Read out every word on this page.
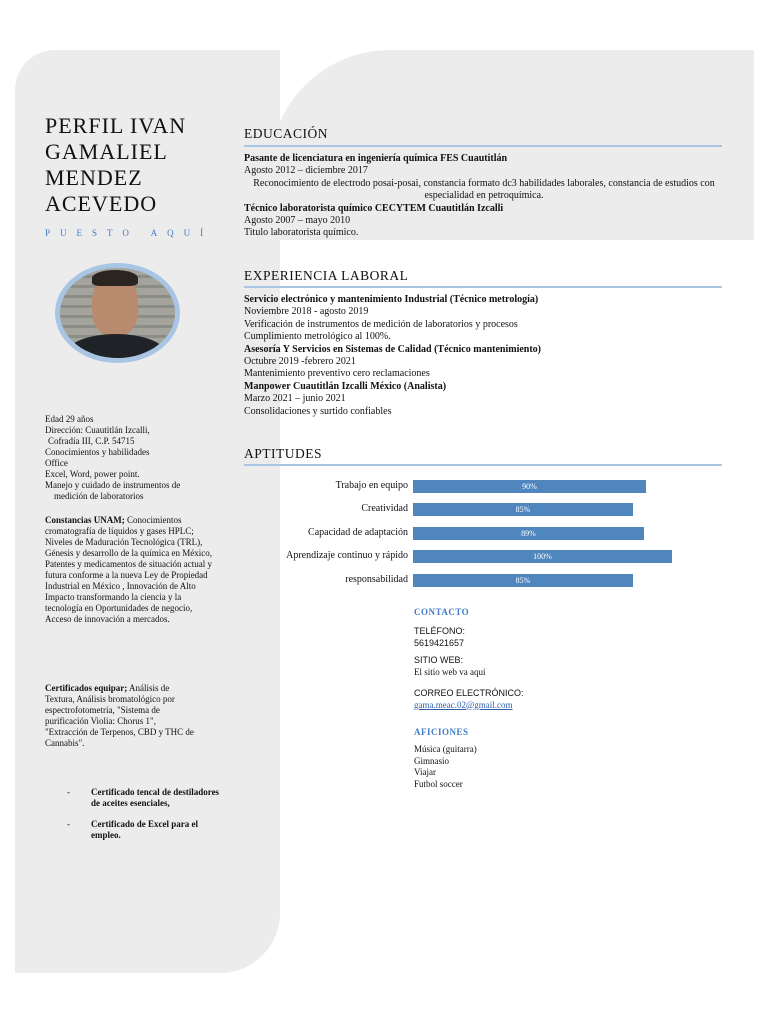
PERFIL IVAN GAMALIEL MENDEZ ACEVEDO
PUESTO AQUÍ

Edad 29 años

Dirección: Cuautitlán Izcalli,

Cofradía III, C.P. 54715

Conocimientos y habilidades

Office

Excel, Word, power point.

Manejo y cuidado de instrumentos de

medición de laboratorios

Constancias UNAM; Conocimientos cromatografía de líquidos y gases HPLC; Niveles de Maduración Tecnológica (TRL), Génesis y desarrollo de la química en México, Patentes y medicamentos de situación actual y futura conforme a la nueva Ley de Propiedad Industrial en México , Innovación de Alto Impacto transformando la ciencia y la tecnología en Oportunidades de negocio, Acceso de innovación a mercados.

Certificados equipar; Análisis de Textura, Análisis bromatológico por espectrofotometría, "Sistema de purificación Violia: Chorus 1", "Extracción de Terpenos, CBD y THC de Cannabis".

-	Certificado tencal de destiladores de aceites esenciales,
-	Certificado de Excel para el empleo.
EDUCACIÓN

Pasante de licenciatura en ingeniería química FES Cuautitlán

Agosto 2012 – diciembre 2017

Reconocimiento de electrodo posai-posai, constancia formato dc3 habilidades laborales, constancia de estudios con especialidad en petroquímica.

Técnico laboratorista químico CECYTEM Cuautitlán Izcalli

Agosto 2007 – mayo 2010

Titulo laboratorista químico.

EXPERIENCIA LABORAL

Servicio electrónico y mantenimiento Industrial (Técnico metrología)

Noviembre 2018 - agosto 2019

Verificación de instrumentos de medición de laboratorios y procesos

Cumplimiento metrológico al 100%.

Asesoría Y Servicios en Sistemas de Calidad (Técnico mantenimiento)

Octubre 2019 -febrero 2021

Mantenimiento preventivo cero reclamaciones

Manpower Cuautitlán Izcalli México (Analista)

Marzo 2021 – junio 2021

Consolidaciones y surtido confiables

APTITUDES
Trabajo en equipo	90%
Creatividad	85%
Capacidad de adaptación	89%
Aprendizaje continuo y rápido	100%
responsabilidad	85%
CONTACTO

TELÉFONO:

5619421657

SITIO WEB:

El sitio web va aquí

CORREO ELECTRÓNICO:

gama.meac.02@gmail.com

AFICIONES

Música (guitarra)

Gimnasio

Viajar

Futbol soccer
